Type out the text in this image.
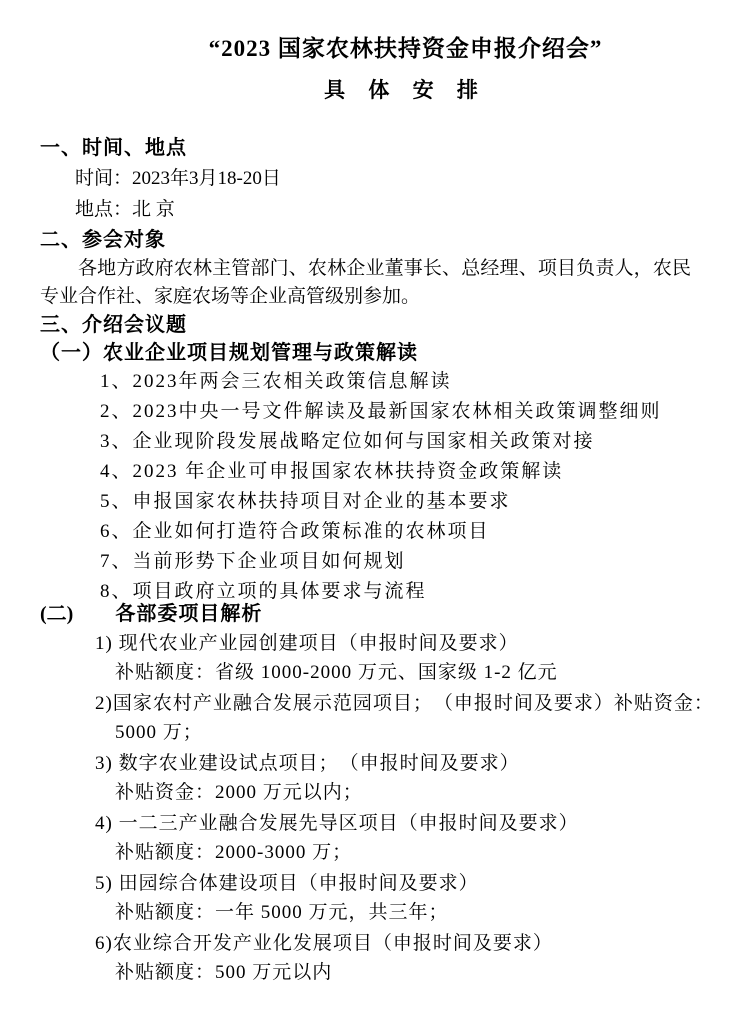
“2023 国家农林扶持资金申报介绍会”
具 体 安 排
一、时间、地点
时间：2023年3月18-20日
地点：北 京
二、参会对象
各地方政府农林主管部门、农林企业董事长、总经理、项目负责人，农民专业合作社、家庭农场等企业高管级别参加。
三、介绍会议题
（一）农业企业项目规划管理与政策解读
1、2023年两会三农相关政策信息解读
2、2023中央一号文件解读及最新国家农林相关政策调整细则
3、企业现阶段发展战略定位如何与国家相关政策对接
4、2023 年企业可申报国家农林扶持资金政策解读
5、申报国家农林扶持项目对企业的基本要求
6、企业如何打造符合政策标准的农林项目
7、当前形势下企业项目如何规划
8、项目政府立项的具体要求与流程
(二) 各部委项目解析
1) 现代农业产业园创建项目（申报时间及要求）
补贴额度：省级 1000-2000 万元、国家级 1-2 亿元
2)国家农村产业融合发展示范园项目；　（申报时间及要求）补贴资金：
5000 万；
3) 数字农业建设试点项目；　（申报时间及要求）
补贴资金：2000 万元以内；
4) 一二三产业融合发展先导区项目（申报时间及要求）
补贴额度：2000-3000 万；
5) 田园综合体建设项目（申报时间及要求）
补贴额度：一年 5000 万元，共三年；
6)农业综合开发产业化发展项目（申报时间及要求）
补贴额度：500 万元以内
